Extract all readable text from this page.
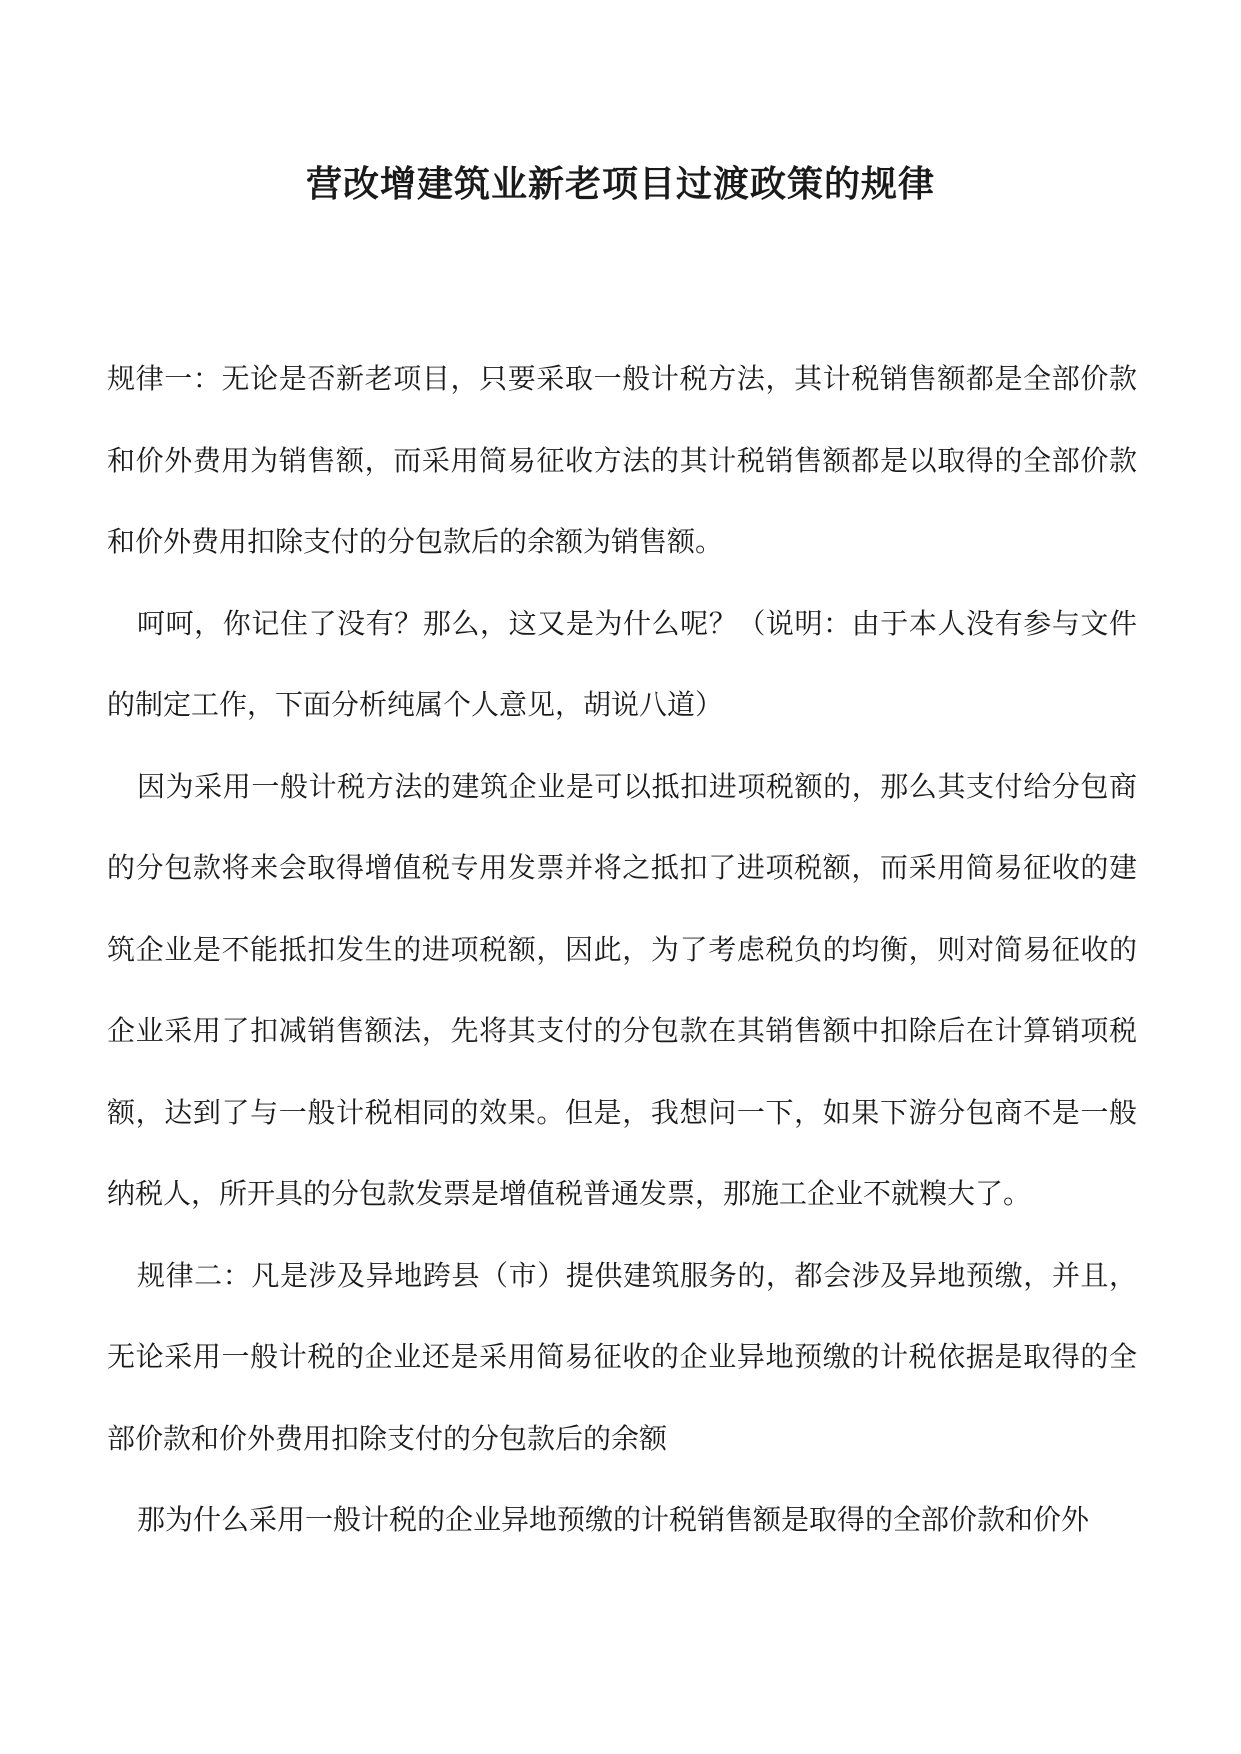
营改增建筑业新老项目过渡政策的规律

规律一：无论是否新老项目，只要采取一般计税方法，其计税销售额都是全部价款和价外费用为销售额，而采用简易征收方法的其计税销售额都是以取得的全部价款和价外费用扣除支付的分包款后的余额为销售额。

呵呵，你记住了没有？那么，这又是为什么呢？（说明：由于本人没有参与文件的制定工作，下面分析纯属个人意见，胡说八道）

因为采用一般计税方法的建筑企业是可以抵扣进项税额的，那么其支付给分包商的分包款将来会取得增值税专用发票并将之抵扣了进项税额，而采用简易征收的建筑企业是不能抵扣发生的进项税额，因此，为了考虑税负的均衡，则对简易征收的企业采用了扣减销售额法，先将其支付的分包款在其销售额中扣除后在计算销项税额，达到了与一般计税相同的效果。但是，我想问一下，如果下游分包商不是一般纳税人，所开具的分包款发票是增值税普通发票，那施工企业不就糗大了。

规律二：凡是涉及异地跨县（市）提供建筑服务的，都会涉及异地预缴，并且，无论采用一般计税的企业还是采用简易征收的企业异地预缴的计税依据是取得的全部价款和价外费用扣除支付的分包款后的余额

那为什么采用一般计税的企业异地预缴的计税销售额是取得的全部价款和价外
